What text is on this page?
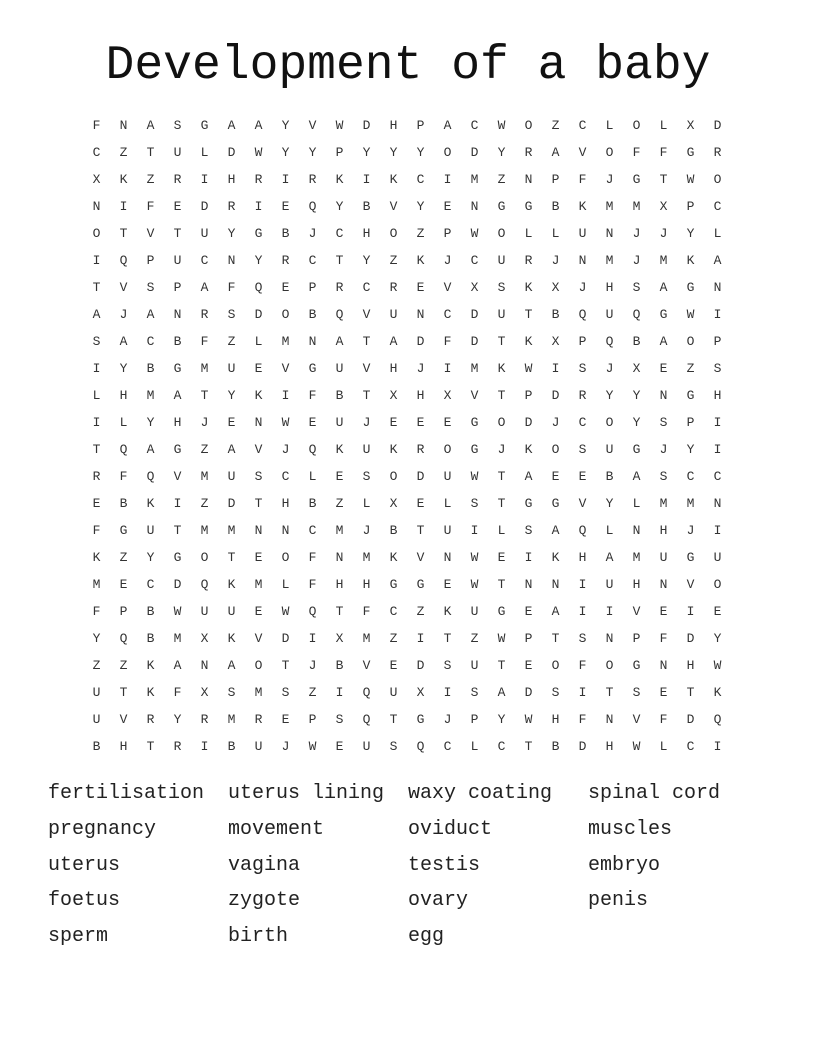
Development of a baby
F	N	A	S	G	A	A	Y	V	W	D	H	P	A	C	W	O	Z	C	L	O	L	X	D
C	Z	T	U	L	D	W	Y	Y	P	Y	Y	Y	O	D	Y	R	A	V	O	F	F	G	R
X	K	Z	R	I	H	R	I	R	K	I	K	C	I	M	Z	N	P	F	J	G	T	W	O
N	I	F	E	D	R	I	E	Q	Y	B	V	Y	E	N	G	G	B	K	M	M	X	P	C
O	T	V	T	U	Y	G	B	J	C	H	O	Z	P	W	O	L	L	U	N	J	J	Y	L
I	Q	P	U	C	N	Y	R	C	T	Y	Z	K	J	C	U	R	J	N	M	J	M	K	A
T	V	S	P	A	F	Q	E	P	R	C	R	E	V	X	S	K	X	J	H	S	A	G	N
A	J	A	N	R	S	D	O	B	Q	V	U	N	C	D	U	T	B	Q	U	Q	G	W	I
S	A	C	B	F	Z	L	M	N	A	T	A	D	F	D	T	K	X	P	Q	B	A	O	P
I	Y	B	G	M	U	E	V	G	U	V	H	J	I	M	K	W	I	S	J	X	E	Z	S
L	H	M	A	T	Y	K	I	F	B	T	X	H	X	V	T	P	D	R	Y	Y	N	G	H
I	L	Y	H	J	E	N	W	E	U	J	E	E	E	G	O	D	J	C	O	Y	S	P	I
T	Q	A	G	Z	A	V	J	Q	K	U	K	R	O	G	J	K	O	S	U	G	J	Y	I
R	F	Q	V	M	U	S	C	L	E	S	O	D	U	W	T	A	E	E	B	A	S	C	C
E	B	K	I	Z	D	T	H	B	Z	L	X	E	L	S	T	G	G	V	Y	L	M	M	N
F	G	U	T	M	M	N	N	C	M	J	B	T	U	I	L	S	A	Q	L	N	H	J	I
K	Z	Y	G	O	T	E	O	F	N	M	K	V	N	W	E	I	K	H	A	M	U	G	U
M	E	C	D	Q	K	M	L	F	H	H	G	G	E	W	T	N	N	I	U	H	N	V	O
F	P	B	W	U	U	E	W	Q	T	F	C	Z	K	U	G	E	A	I	I	V	E	I	E
Y	Q	B	M	X	K	V	D	I	X	M	Z	I	T	Z	W	P	T	S	N	P	F	D	Y
Z	Z	K	A	N	A	O	T	J	B	V	E	D	S	U	T	E	O	F	O	G	N	H	W
U	T	K	F	X	S	M	S	Z	I	Q	U	X	I	S	A	D	S	I	T	S	E	T	K
U	V	R	Y	R	M	R	E	P	S	Q	T	G	J	P	Y	W	H	F	N	V	F	D	Q
B	H	T	R	I	B	U	J	W	E	U	S	Q	C	L	C	T	B	D	H	W	L	C	I
fertilisation	uterus lining	waxy coating	spinal cord
pregnancy	movement	oviduct	muscles
uterus	vagina	testis	embryo
foetus	zygote	ovary	penis
sperm	birth	egg
